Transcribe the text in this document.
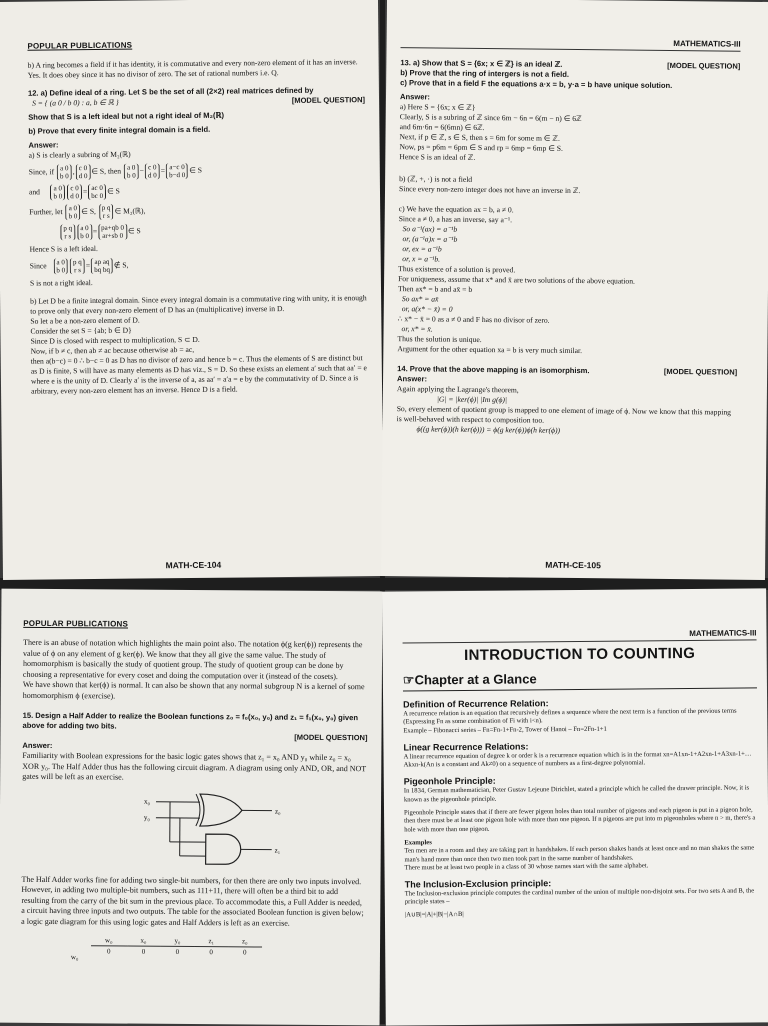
POPULAR PUBLICATIONS

b) A ring becomes a field if it has identity, it is commutative and every non-zero element of it has an inverse.

Yes. It does obey since it has no divisor of zero. The set of rational numbers i.e. Q.

12. a) Define ideal of a ring. Let S be the set of all (2×2) real matrices defined by

[MODEL QUESTION]
S = { (a 0 / b 0) : a, b ∈ ℝ }

Show that S is a left ideal but not a right ideal of M₂(ℝ)

b) Prove that every finite integral domain is a field.

Answer:

a) S is clearly a subring of M₂(ℝ)

Since, if a 0
b 0, c 0
d 0∈ S, then a 0
b 0− c 0
d 0= a−c 0
b−d 0∈ S
and a 0
b 0c 0
d 0= ac 0
bc 0∈ S
Further, let a 0
b 0∈ S, p q
r s∈ M₂(ℝ),
p q
r sa 0
b 0= pa+qb 0
ar+sb 0∈ S

Hence S is a left ideal.

Since a 0
b 0p q
r s= ap aq
bq bq∉ S,

S is not a right ideal.

b) Let D be a finite integral domain. Since every integral domain is a commutative ring with unity, it is enough to prove only that every non-zero element of D has an (multiplicative) inverse in D.

So let a be a non-zero element of D.

Consider the set S = {ab; b ∈ D}

Since D is closed with respect to multiplication, S ⊂ D.

Now, if b ≠ c, then ab ≠ ac because otherwise ab = ac,

then a(b−c) = 0 ∴ b−c = 0 as D has no divisor of zero and hence b = c. Thus the elements of S are distinct but as D is finite, S will have as many elements as D has viz., S = D. So these exists an element a′ such that aa′ = e where e is the unity of D. Clearly a′ is the inverse of a, as aa′ = a′a = e by the commutativity of D. Since a is arbitrary, every non-zero element has an inverse. Hence D is a field.

MATH-CE-104
MATHEMATICS-III

[MODEL QUESTION]
13. a) Show that S = {6x; x ∈ ℤ} is an ideal ℤ.

b) Prove that the ring of intergers is not a field.

c) Prove that in a field F the equations a·x = b, y·a = b have unique solution.

Answer:

a) Here S = {6x; x ∈ ℤ}

Clearly, S is a subring of ℤ since 6m − 6n = 6(m − n) ∈ 6ℤ

and 6m·6n = 6(6mn) ∈ 6ℤ.

Next, if p ∈ ℤ, s ∈ S, then s = 6m for some m ∈ ℤ.

Now, ps = p6m = 6pm ∈ S and rp = 6mp = 6mp ∈ S.

Hence S is an ideal of ℤ.

b) (ℤ, +, ·) is not a field

Since every non-zero integer does not have an inverse in ℤ.

c) We have the equation ax = b, a ≠ 0.

Since a ≠ 0, a has an inverse, say a⁻¹.

So a⁻¹(ax) = a⁻¹b

or, (a⁻¹a)x = a⁻¹b

or, ex = a⁻¹b

or, x = a⁻¹b.

Thus existence of a solution is proved.

For uniqueness, assume that x* and x̄ are two solutions of the above equation.

Then ax* = b and ax̄ = b

So ax* = ax̄

or, a(x* − x̄) = 0

∴ x* − x̄ = 0 as a ≠ 0 and F has no divisor of zero.

or, x* = x̄.

Thus the solution is unique.

Argument for the other equation xa = b is very much similar.

[MODEL QUESTION]
14. Prove that the above mapping is an isomorphism.

Answer:

Again applying the Lagrange's theorem,

|G| = |ker(ϕ)| |Im g(ϕ)|

So, every element of quotient group is mapped to one element of image of ϕ. Now we know that this mapping is well-behaved with respect to composition too.

ϕ((g ker(ϕ))(h ker(ϕ))) = ϕ(g ker(ϕ))ϕ(h ker(ϕ))

MATH-CE-105
POPULAR PUBLICATIONS

There is an abuse of notation which highlights the main point also. The notation ϕ(g ker(ϕ)) represents the value of ϕ on any element of g ker(ϕ). We know that they all give the same value. The study of homomorphism is basically the study of quotient group. The study of quotient group can be done by choosing a representative for every coset and doing the computation over it (instead of the cosets).

We have shown that ker(ϕ) is normal. It can also be shown that any normal subgroup N is a kernel of some homomorphism ϕ (exercise).

15. Design a Half Adder to realize the Boolean functions z₀ = f₀(x₀, y₀) and z₁ = f₁(x₀, y₀) given above for adding two bits.

[MODEL QUESTION]

Answer:

Familiarity with Boolean expressions for the basic logic gates shows that z₁ = x₀ AND y₀ while z₀ = x₀ XOR y₀. The Half Adder thus has the following circuit diagram. A diagram using only AND, OR, and NOT gates will be left as an exercise.

x₀
y₀
z₀
z₁

The Half Adder works fine for adding two single-bit numbers, for then there are only two inputs involved. However, in adding two multiple-bit numbers, such as 111+11, there will often be a third bit to add resulting from the carry of the bit sum in the previous place. To accommodate this, a Full Adder is needed, a circuit having three inputs and two outputs. The table for the associated Boolean function is given below; a logic gate diagram for this using logic gates and Half Adders is left as an exercise.

w₀
w₀	x₀	y₀	z₁	z₀
0	0	0	0	0
MATHEMATICS-III
INTRODUCTION TO COUNTING
☞Chapter at a Glance
Definition of Recurrence Relation:

A recurrence relation is an equation that recursively defines a sequence where the next term is a function of the previous terms (Expressing Fn as some combination of Fi with i<n).

Example – Fibonacci series – Fn=Fn-1+Fn-2, Tower of Hanoi – Fn=2Fn-1+1

Linear Recurrence Relations:

A linear recurrence equation of degree k or order k is a recurrence equation which is in the format xn=A1xn-1+A2xn-1+A3xn-1+…Akxn-k(An is a constant and Ak≠0) on a sequence of numbers as a first-degree polynomial.

Pigeonhole Principle:

In 1834, German mathematician, Peter Gustav Lejeune Dirichlet, stated a principle which he called the drawer principle. Now, it is known as the pigeonhole principle.

Pigeonhole Principle states that if there are fewer pigeon holes than total number of pigeons and each pigeon is put in a pigeon hole, then there must be at least one pigeon hole with more than one pigeon. If n pigeons are put into m pigeonholes where n > m, there's a hole with more than one pigeon.

Examples

Ten men are in a room and they are taking part in handshakes. If each person shakes hands at least once and no man shakes the same man's hand more than once then two men took part in the same number of handshakes.

There must be at least two people in a class of 30 whose names start with the same alphabet.

The Inclusion-Exclusion principle:

The Inclusion-exclusion principle computes the cardinal number of the union of multiple non-disjoint sets. For two sets A and B, the principle states –

|A∪B|=|A|+|B|−|A∩B|
